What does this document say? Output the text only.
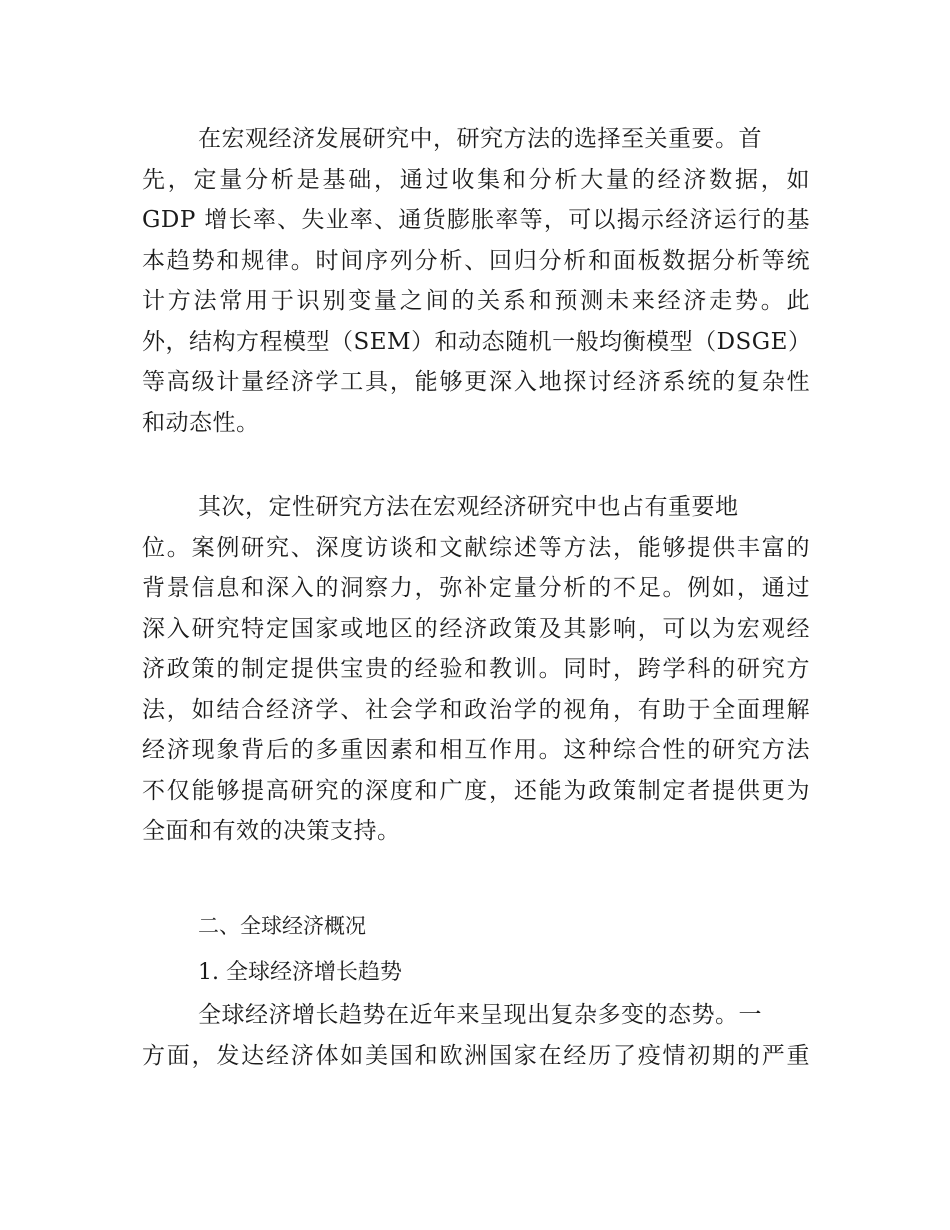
在宏观经济发展研究中，研究方法的选择至关重要。首
先，定量分析是基础，通过收集和分析大量的经济数据，如
GDP 增长率、失业率、通货膨胀率等，可以揭示经济运行的基
本趋势和规律。时间序列分析、回归分析和面板数据分析等统
计方法常用于识别变量之间的关系和预测未来经济走势。此
外，结构方程模型（SEM）和动态随机一般均衡模型（DSGE）
等高级计量经济学工具，能够更深入地探讨经济系统的复杂性
和动态性。
其次，定性研究方法在宏观经济研究中也占有重要地
位。案例研究、深度访谈和文献综述等方法，能够提供丰富的
背景信息和深入的洞察力，弥补定量分析的不足。例如，通过
深入研究特定国家或地区的经济政策及其影响，可以为宏观经
济政策的制定提供宝贵的经验和教训。同时，跨学科的研究方
法，如结合经济学、社会学和政治学的视角，有助于全面理解
经济现象背后的多重因素和相互作用。这种综合性的研究方法
不仅能够提高研究的深度和广度，还能为政策制定者提供更为
全面和有效的决策支持。
二、全球经济概况
1. 全球经济增长趋势
全球经济增长趋势在近年来呈现出复杂多变的态势。一
方面，发达经济体如美国和欧洲国家在经历了疫情初期的严重
